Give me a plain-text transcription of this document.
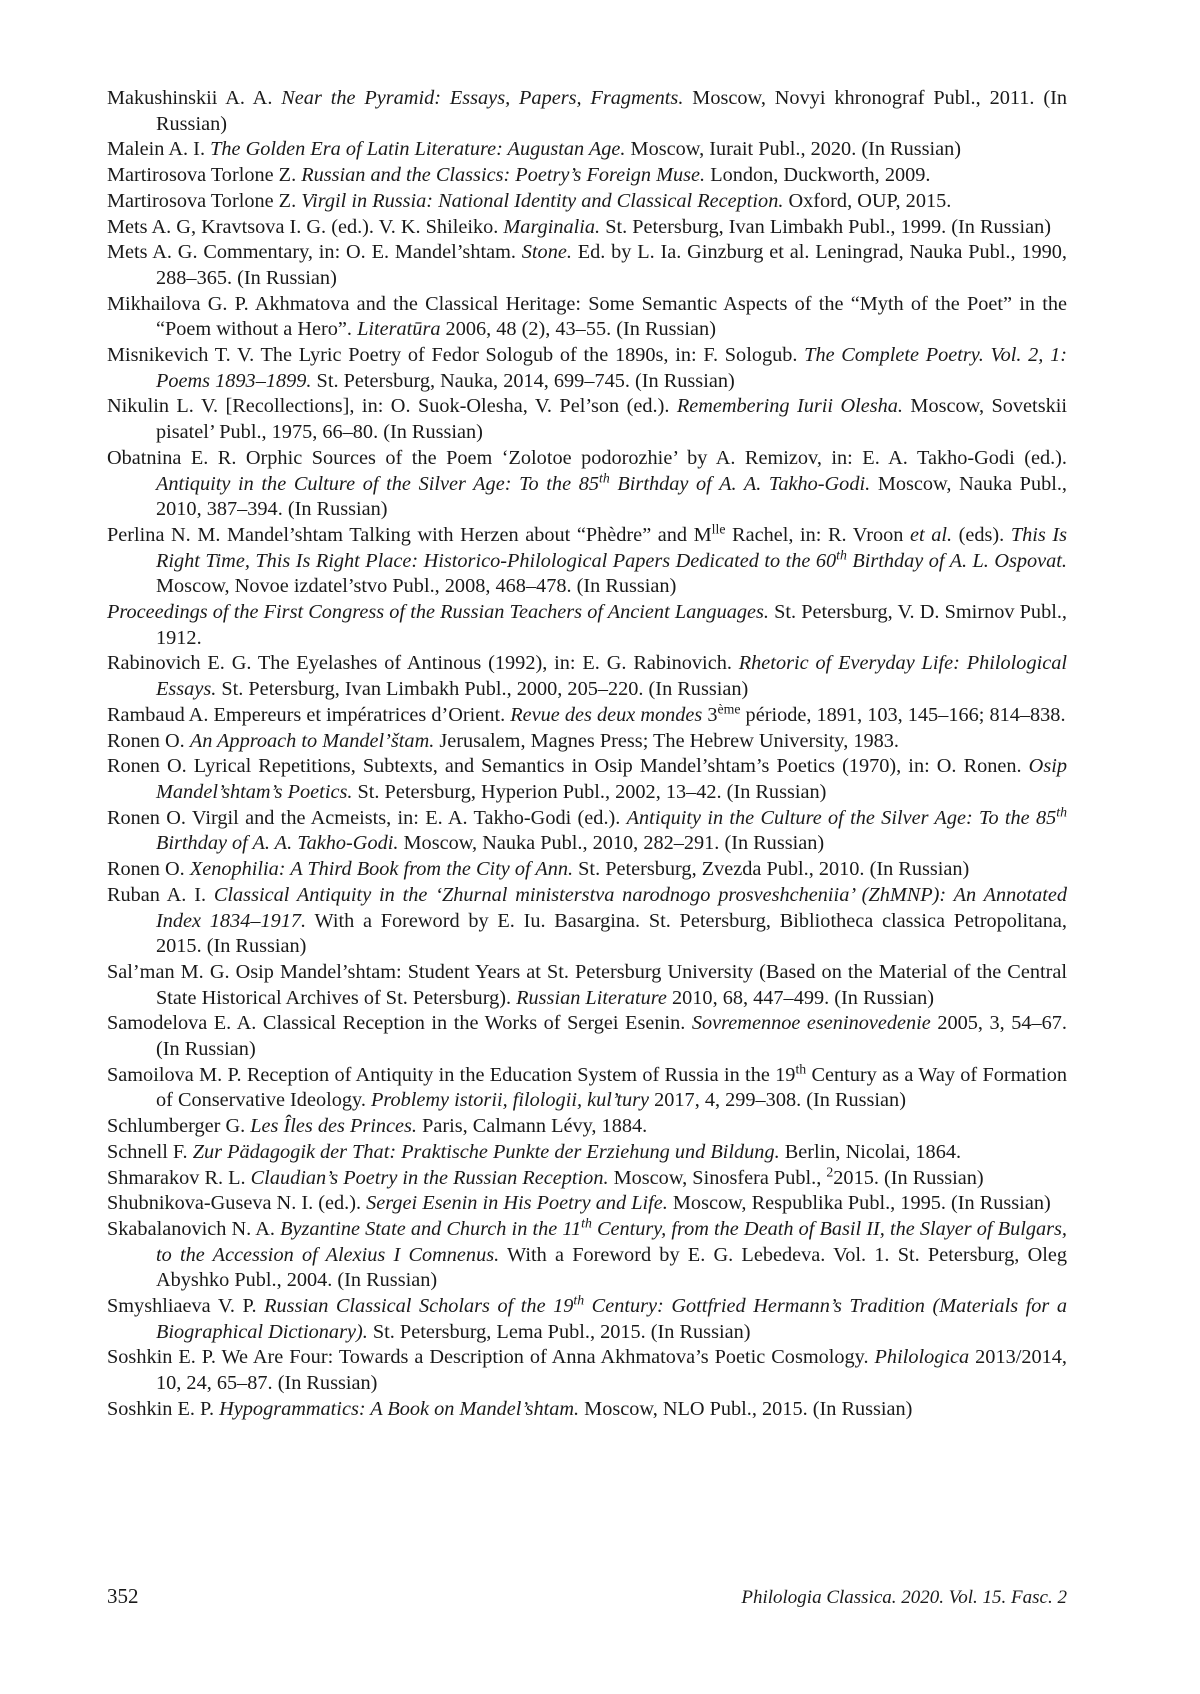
Makushinskii A. A. Near the Pyramid: Essays, Papers, Fragments. Moscow, Novyi khronograf Publ., 2011. (In Russian)
Malein A. I. The Golden Era of Latin Literature: Augustan Age. Moscow, Iurait Publ., 2020. (In Russian)
Martirosova Torlone Z. Russian and the Classics: Poetry’s Foreign Muse. London, Duckworth, 2009.
Martirosova Torlone Z. Virgil in Russia: National Identity and Classical Reception. Oxford, OUP, 2015.
Mets A. G, Kravtsova I. G. (ed.). V. K. Shileiko. Marginalia. St. Petersburg, Ivan Limbakh Publ., 1999. (In Russian)
Mets A. G. Commentary, in: O. E. Mandel’shtam. Stone. Ed. by L. Ia. Ginzburg et al. Leningrad, Nauka Publ., 1990, 288–365. (In Russian)
Mikhailova G. P. Akhmatova and the Classical Heritage: Some Semantic Aspects of the “Myth of the Poet” in the “Poem without a Hero”. Literatūra 2006, 48 (2), 43–55. (In Russian)
Misnikevich T. V. The Lyric Poetry of Fedor Sologub of the 1890s, in: F. Sologub. The Complete Poetry. Vol. 2, 1: Poems 1893–1899. St. Petersburg, Nauka, 2014, 699–745. (In Russian)
Nikulin L. V. [Recollections], in: O. Suok-Olesha, V. Pel’son (ed.). Remembering Iurii Olesha. Moscow, Sovetskii pisatel’ Publ., 1975, 66–80. (In Russian)
Obatnina E. R. Orphic Sources of the Poem ‘Zolotoe podorozhie’ by A. Remizov, in: E. A. Takho-Godi (ed.). Antiquity in the Culture of the Silver Age: To the 85th Birthday of A. A. Takho-Godi. Moscow, Nauka Publ., 2010, 387–394. (In Russian)
Perlina N. M. Mandel’shtam Talking with Herzen about “Phèdre” and $M^{lle}$ Rachel, in: R. Vroon et al. (eds). This Is Right Time, This Is Right Place: Historico-Philological Papers Dedicated to the 60th Birthday of A. L. Ospovat. Moscow, Novoe izdatel’stvo Publ., 2008, 468–478. (In Russian)
Proceedings of the First Congress of the Russian Teachers of Ancient Languages. St. Petersburg, V. D. Smirnov Publ., 1912.
Rabinovich E. G. The Eyelashes of Antinous (1992), in: E. G. Rabinovich. Rhetoric of Everyday Life: Philological Essays. St. Petersburg, Ivan Limbakh Publ., 2000, 205–220. (In Russian)
Rambaud A. Empereurs et impératrices d’Orient. Revue des deux mondes 3ème période, 1891, 103, 145–166; 814–838.
Ronen O. An Approach to Mandel’štam. Jerusalem, Magnes Press; The Hebrew University, 1983.
Ronen O. Lyrical Repetitions, Subtexts, and Semantics in Osip Mandel’shtam’s Poetics (1970), in: O. Ronen. Osip Mandel’shtam’s Poetics. St. Petersburg, Hyperion Publ., 2002, 13–42. (In Russian)
Ronen O. Virgil and the Acmeists, in: E. A. Takho-Godi (ed.). Antiquity in the Culture of the Silver Age: To the 85th Birthday of A. A. Takho-Godi. Moscow, Nauka Publ., 2010, 282–291. (In Russian)
Ronen O. Xenophilia: A Third Book from the City of Ann. St. Petersburg, Zvezda Publ., 2010. (In Russian)
Ruban A. I. Classical Antiquity in the ‘Zhurnal ministerstva narodnogo prosveshcheniia’ (ZhMNP): An Annotated Index 1834–1917. With a Foreword by E. Iu. Basargina. St. Petersburg, Bibliotheca classica Petropolitana, 2015. (In Russian)
Sal’man M. G. Osip Mandel’shtam: Student Years at St. Petersburg University (Based on the Material of the Central State Historical Archives of St. Petersburg). Russian Literature 2010, 68, 447–499. (In Russian)
Samodelova E. A. Classical Reception in the Works of Sergei Esenin. Sovremennoe eseninovedenie 2005, 3, 54–67. (In Russian)
Samoilova M. P. Reception of Antiquity in the Education System of Russia in the 19th Century as a Way of Formation of Conservative Ideology. Problemy istorii, filologii, kul’tury 2017, 4, 299–308. (In Russian)
Schlumberger G. Les Îles des Princes. Paris, Calmann Lévy, 1884.
Schnell F. Zur Pädagogik der That: Praktische Punkte der Erziehung und Bildung. Berlin, Nicolai, 1864.
Shmarakov R. L. Claudian’s Poetry in the Russian Reception. Moscow, Sinosfera Publ., $^2$2015. (In Russian)
Shubnikova-Guseva N. I. (ed.). Sergei Esenin in His Poetry and Life. Moscow, Respublika Publ., 1995. (In Russian)
Skabalanovich N. A. Byzantine State and Church in the 11th Century, from the Death of Basil II, the Slayer of Bulgars, to the Accession of Alexius I Comnenus. With a Foreword by E. G. Lebedeva. Vol. 1. St. Petersburg, Oleg Abyshko Publ., 2004. (In Russian)
Smyshliaeva V. P. Russian Classical Scholars of the 19th Century: Gottfried Hermann’s Tradition (Materials for a Biographical Dictionary). St. Petersburg, Lema Publ., 2015. (In Russian)
Soshkin E. P. We Are Four: Towards a Description of Anna Akhmatova’s Poetic Cosmology. Philologica 2013/2014, 10, 24, 65–87. (In Russian)
Soshkin E. P. Hypogrammatics: A Book on Mandel’shtam. Moscow, NLO Publ., 2015. (In Russian)
352	Philologia Classica. 2020. Vol. 15. Fasc. 2
